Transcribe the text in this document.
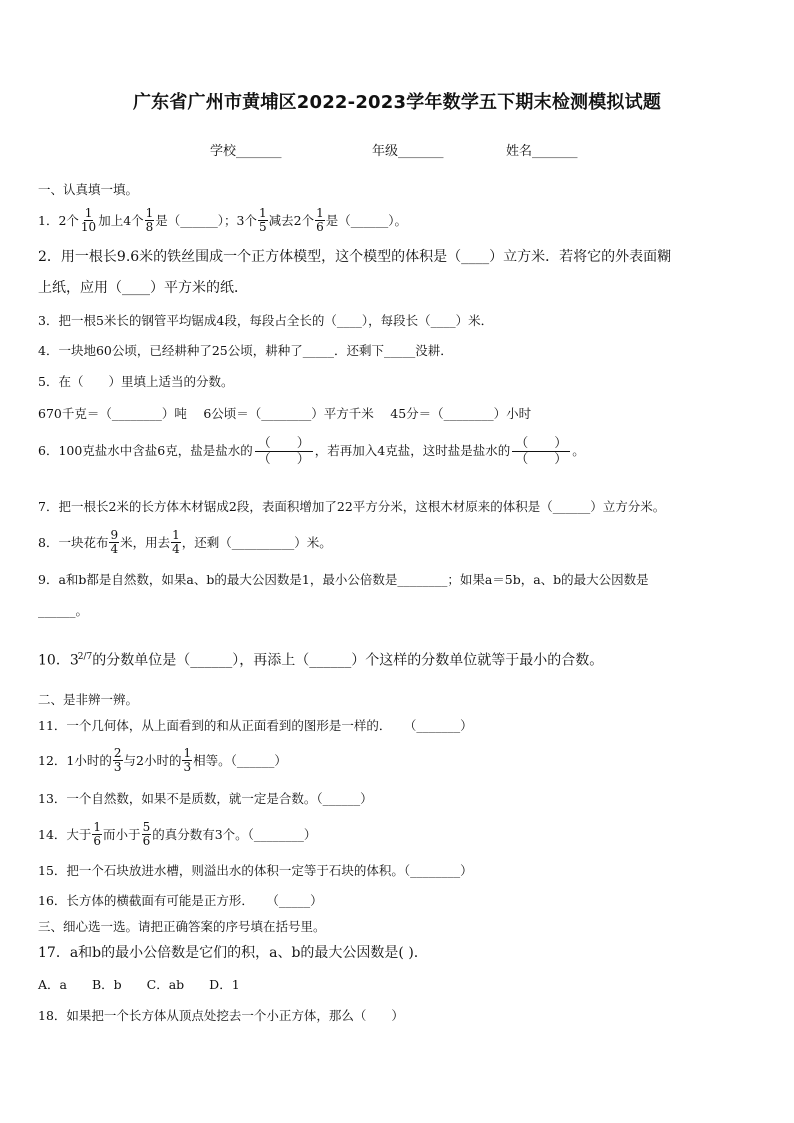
广东省广州市黄埔区2022-2023学年数学五下期末检测模拟试题
学校_______	年级_______	姓名_______
一、认真填一填。
1．2个 $\frac{1}{10}$ 加上4个 $\frac{1}{8}$ 是（______）；3个 $\frac{1}{5}$ 减去2个 $\frac{1}{6}$ 是（______）。
2．用一根长9.6米的铁丝围成一个正方体模型，这个模型的体积是（____）立方米．若将它的外表面糊
上纸，应用（____）平方米的纸．
3．把一根5米长的钢管平均锯成4段，每段占全长的（____），每段长（____）米．
4．一块地60公顷，已经耕种了25公顷，耕种了_____．还剩下_____没耕．
5．在（　　）里填上适当的分数。
670千克＝（________）吨　 6公顷＝（________）平方千米　 45分＝（________）小时
6．100克盐水中含盐6克，盐是盐水的 $\frac{( )}{( )}$ ，若再加入4克盐，这时盐是盐水的 $\frac{( )}{( )}$ 。
7．把一根长2米的长方体木材锯成2段，表面积增加了22平方分米，这根木材原来的体积是（______）立方分米。
8．一块花布 $\frac{9}{4}$ 米，用去 $\frac{1}{4}$ ，还剩（__________）米。
9．a和b都是自然数，如果a、b的最大公因数是1，最小公倍数是________；如果a＝5b，a、b的最大公因数是
______。
10．$3^{2/7}$的分数单位是（______），再添上（______）个这样的分数单位就等于最小的合数。
二、是非辨一辨。
11．一个几何体，从上面看到的和从正面看到的图形是一样的．　　（_______）
12．1小时的 $\frac{2}{3}$ 与2小时的 $\frac{1}{3}$ 相等。（______）
13．一个自然数，如果不是质数，就一定是合数。（______）
14．大于 $\frac{1}{6}$ 而小于 $\frac{5}{6}$ 的真分数有3个。（________）
15．把一个石块放进水槽，则溢出水的体积一定等于石块的体积。（________）
16．长方体的横截面有可能是正方形．　　（_____）
三、细心选一选。请把正确答案的序号填在括号里。
17．a和b的最小公倍数是它们的积，a、b的最大公因数是( ).
A．a　　B．b　　C．ab　　D．1
18．如果把一个长方体从顶点处挖去一个小正方体，那么（　　）
